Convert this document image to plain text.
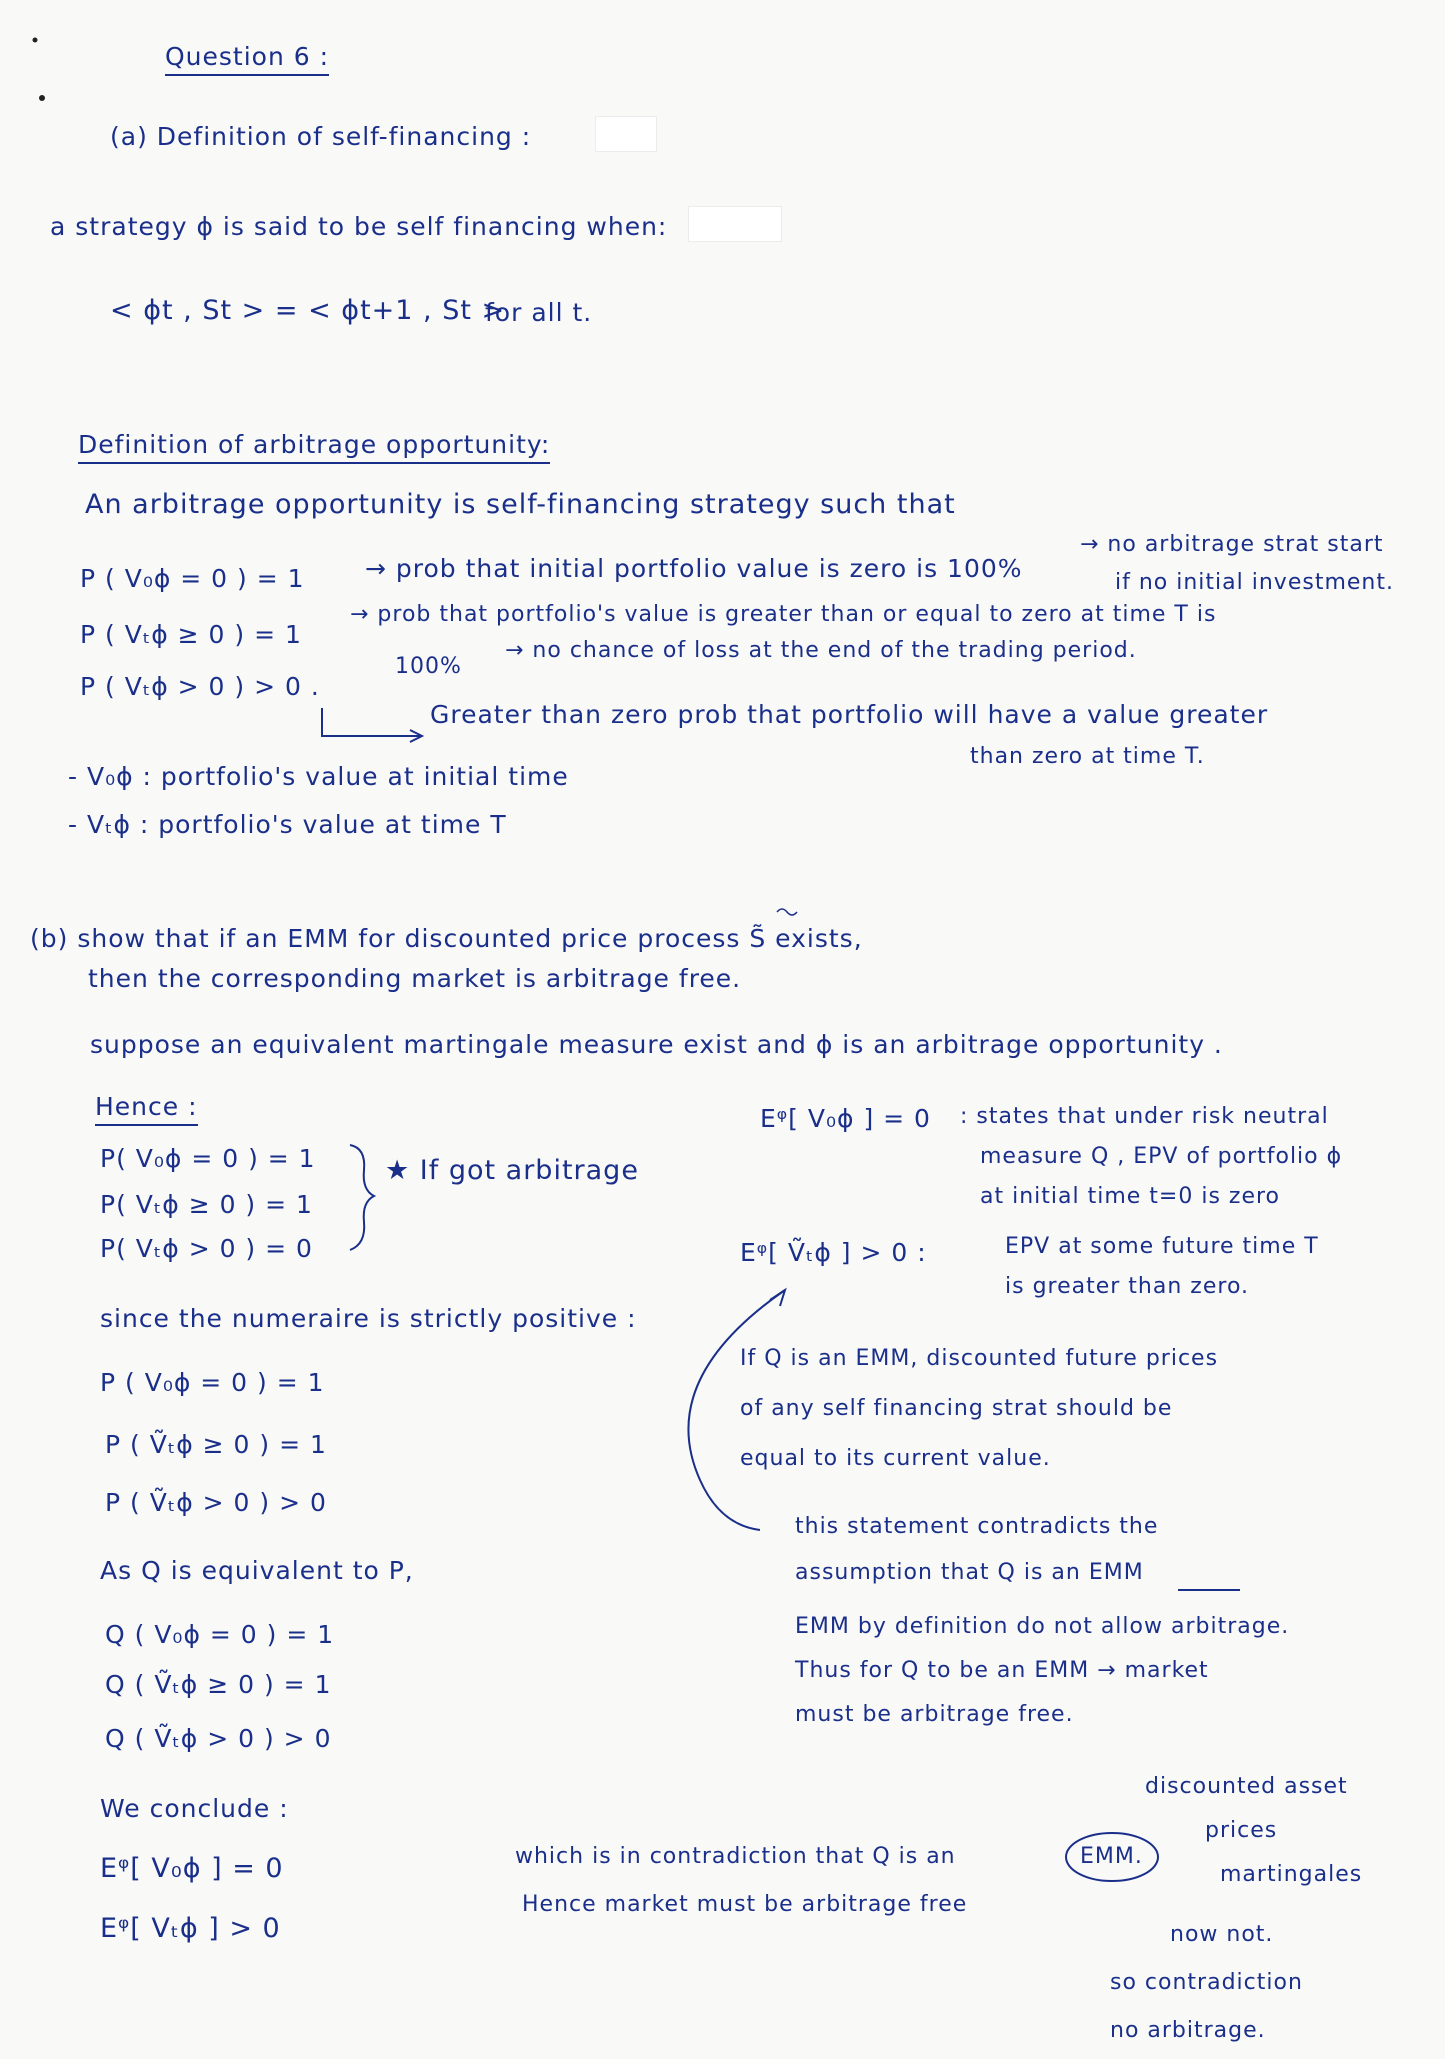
Question 6 :
(a) Definition of self-financing :
a strategy ϕ is said to be self financing when:
< ϕt , St > = < ϕt+1 , St >
for all t.
Definition of arbitrage opportunity:
An arbitrage opportunity is self-financing strategy such that
P ( V₀ϕ = 0 ) = 1
P ( Vₜϕ ≥ 0 ) = 1
P ( Vₜϕ > 0 ) > 0 .
→ prob that initial portfolio value is zero is 100%
→ no arbitrage strat start
if no initial investment.
→ prob that portfolio's value is greater than or equal to zero at time T is
100%
→ no chance of loss at the end of the trading period.
Greater than zero prob that portfolio will have a value greater
than zero at time T.
- V₀ϕ : portfolio's value at initial time
- Vₜϕ : portfolio's value at time T
(b) show that if an EMM for discounted price process S̃ exists,
then the corresponding market is arbitrage free.
suppose an equivalent martingale measure exist and ϕ is an arbitrage opportunity .
Hence :
P( V₀ϕ = 0 ) = 1
P( Vₜϕ ≥ 0 ) = 1
P( Vₜϕ > 0 ) = 0
★ If got arbitrage
since the numeraire is strictly positive :
P ( V₀ϕ = 0 ) = 1
P ( Ṽₜϕ ≥ 0 ) = 1
P ( Ṽₜϕ > 0 ) > 0
As Q is equivalent to P,
Q ( V₀ϕ = 0 ) = 1
Q ( Ṽₜϕ ≥ 0 ) = 1
Q ( Ṽₜϕ > 0 ) > 0
We conclude :
Eᵠ[ V₀ϕ ] = 0
Eᵠ[ Vₜϕ ] > 0
Eᵠ[ V₀ϕ ] = 0 : states that under risk neutral
measure Q , EPV of portfolio ϕ
at initial time t=0 is zero
Eᵠ[ Ṽₜϕ ] > 0 :	EPV at some future time T
is greater than zero.
If Q is an EMM, discounted future prices
of any self financing strat should be
equal to its current value.
this statement contradicts the
assumption that Q is an EMM
EMM by definition do not allow arbitrage.
Thus for Q to be an EMM → market
must be arbitrage free.
which is in contradiction that Q is an	EMM.
Hence market must be arbitrage free
discounted asset
prices
martingales
now not.
so contradiction
no arbitrage.
